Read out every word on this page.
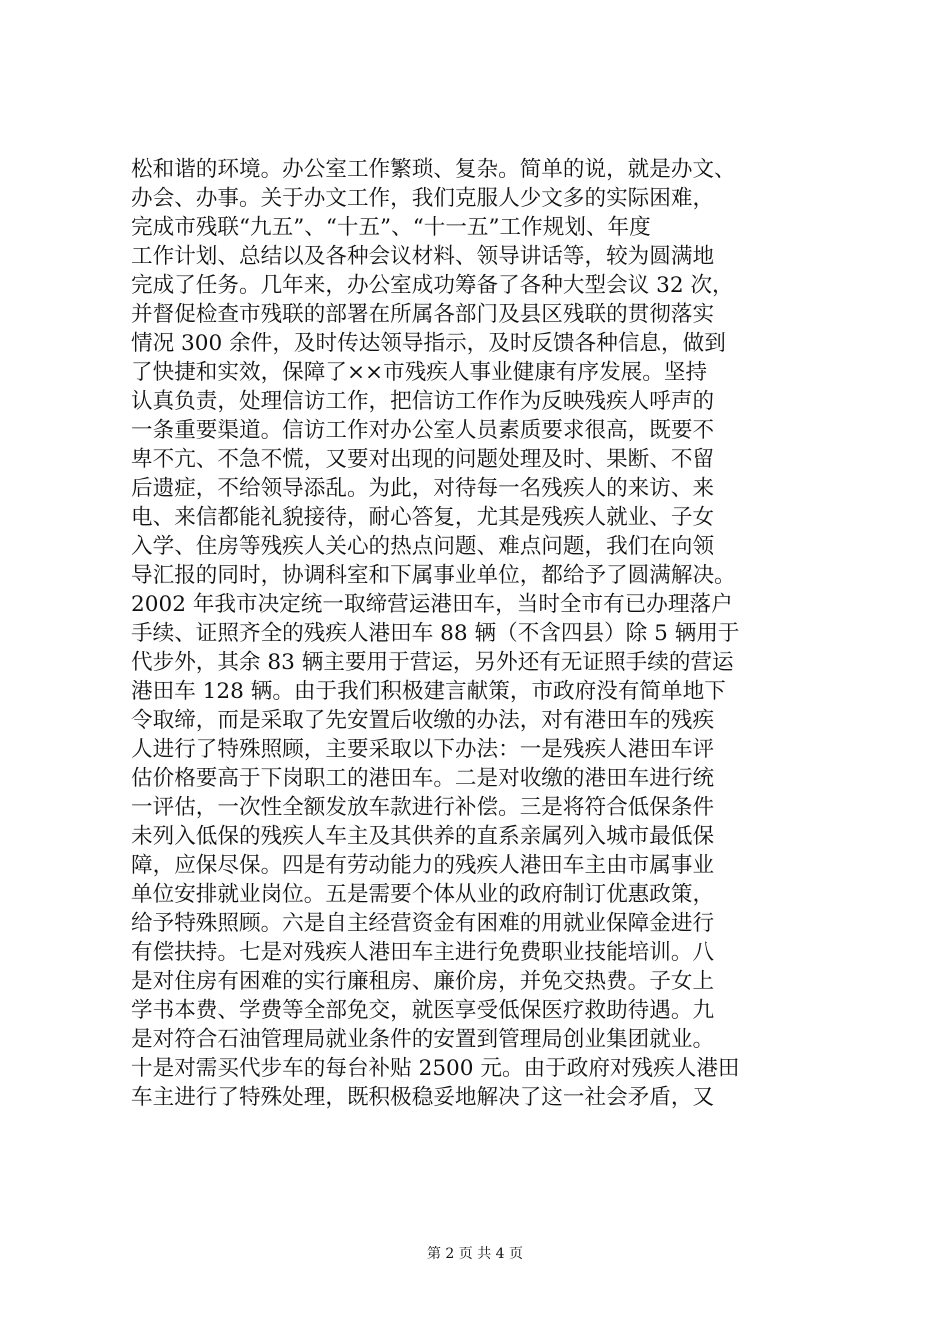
松和谐的环境。办公室工作繁琐、复杂。简单的说，就是办文、
办会、办事。关于办文工作，我们克服人少文多的实际困难，
完成市残联“九五”、“十五”、“十一五”工作规划、年度
工作计划、总结以及各种会议材料、领导讲话等，较为圆满地
完成了任务。几年来，办公室成功筹备了各种大型会议 32 次，
并督促检查市残联的部署在所属各部门及县区残联的贯彻落实
情况 300 余件，及时传达领导指示，及时反馈各种信息，做到
了快捷和实效，保障了××市残疾人事业健康有序发展。坚持
认真负责，处理信访工作，把信访工作作为反映残疾人呼声的
一条重要渠道。信访工作对办公室人员素质要求很高，既要不
卑不亢、不急不慌，又要对出现的问题处理及时、果断、不留
后遗症，不给领导添乱。为此，对待每一名残疾人的来访、来
电、来信都能礼貌接待，耐心答复，尤其是残疾人就业、子女
入学、住房等残疾人关心的热点问题、难点问题，我们在向领
导汇报的同时，协调科室和下属事业单位，都给予了圆满解决。
2002 年我市决定统一取缔营运港田车，当时全市有已办理落户
手续、证照齐全的残疾人港田车 88 辆（不含四县）除 5 辆用于
代步外，其余 83 辆主要用于营运，另外还有无证照手续的营运
港田车 128 辆。由于我们积极建言献策，市政府没有简单地下
令取缔，而是采取了先安置后收缴的办法，对有港田车的残疾
人进行了特殊照顾，主要采取以下办法：一是残疾人港田车评
估价格要高于下岗职工的港田车。二是对收缴的港田车进行统
一评估，一次性全额发放车款进行补偿。三是将符合低保条件
未列入低保的残疾人车主及其供养的直系亲属列入城市最低保
障，应保尽保。四是有劳动能力的残疾人港田车主由市属事业
单位安排就业岗位。五是需要个体从业的政府制订优惠政策，
给予特殊照顾。六是自主经营资金有困难的用就业保障金进行
有偿扶持。七是对残疾人港田车主进行免费职业技能培训。八
是对住房有困难的实行廉租房、廉价房，并免交热费。子女上
学书本费、学费等全部免交，就医享受低保医疗救助待遇。九
是对符合石油管理局就业条件的安置到管理局创业集团就业。
十是对需买代步车的每台补贴 2500 元。由于政府对残疾人港田
车主进行了特殊处理，既积极稳妥地解决了这一社会矛盾，又
第 2 页 共 4 页
